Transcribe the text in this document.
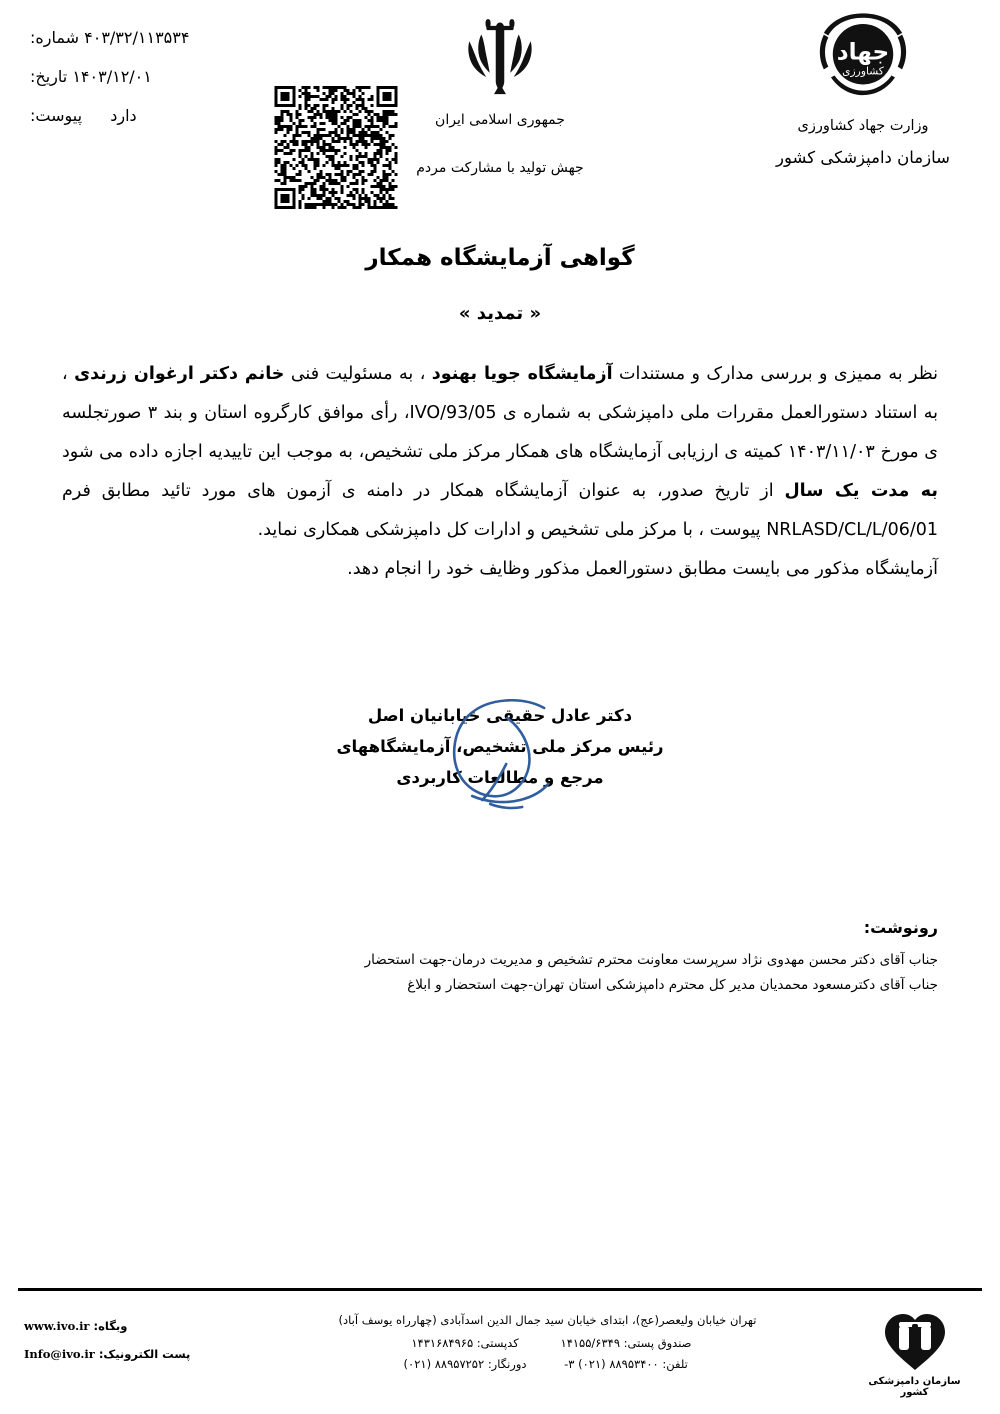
جهاد
کشاورزی
همه با هم
وزارت جهاد کشاورزی
سازمان دامپزشکی کشور
جمهوری اسلامی ایران
جهش تولید با مشارکت مردم
۴۰۳/۳۲/۱۱۳۵۳۴ شماره:
۱۴۰۳/۱۲/۰۱ تاریخ:
دارد  پیوست:
گواهی آزمایشگاه همکار
« تمدید »

نظر به ممیزی و بررسی مدارک و مستندات آزمایشگاه جویا بهنود ، به مسئولیت فنی خانم دکتر ارغوان زرندی ، به استناد دستورالعمل مقررات ملی دامپزشکی به شماره ی IVO/93/05، رأی موافق کارگروه استان و بند ۳ صورتجلسه ی مورخ ۱۴۰۳/۱۱/۰۳ کمیته ی ارزیابی آزمایشگاه های همکار مرکز ملی تشخیص، به موجب این تاییدیه اجازه داده می شود به مدت یک سال از تاریخ صدور، به عنوان آزمایشگاه همکار در دامنه ی آزمون های مورد تائید مطابق فرم NRLASD/CL/L/06/01 پیوست ، با مرکز ملی تشخیص و ادارات کل دامپزشکی همکاری نماید.

آزمایشگاه مذکور می بایست مطابق دستورالعمل مذکور وظایف خود را انجام دهد.

دکتر عادل حقیقی خیابانیان اصل
رئیس مرکز ملی تشخیص، آزمایشگاههای
مرجع و مطالعات کاربردی
رونوشت:
جناب آقای دکتر محسن مهدوی نژاد سرپرست معاونت محترم تشخیص و مدیریت درمان-جهت استحضار
جناب آقای دکترمسعود محمدیان مدیر کل محترم دامپزشکی استان تهران-جهت استحضار و ابلاغ
سازمان دامپزشکی کشور
تهران خیابان ولیعصر(عج)، ابتدای خیابان سید جمال الدین اسدآبادی (چهارراه یوسف آباد)
صندوق پستی: ۱۴۱۵۵/۶۳۴۹
تلفن: ۸۸۹۵۳۴۰۰ (۰۲۱) ۳-
کدپستی: ۱۴۳۱۶۸۴۹۶۵
دورنگار: ۸۸۹۵۷۲۵۲ (۰۲۱)
وبگاه: www.ivo.ir
پست الکترونیک: Info@ivo.ir
